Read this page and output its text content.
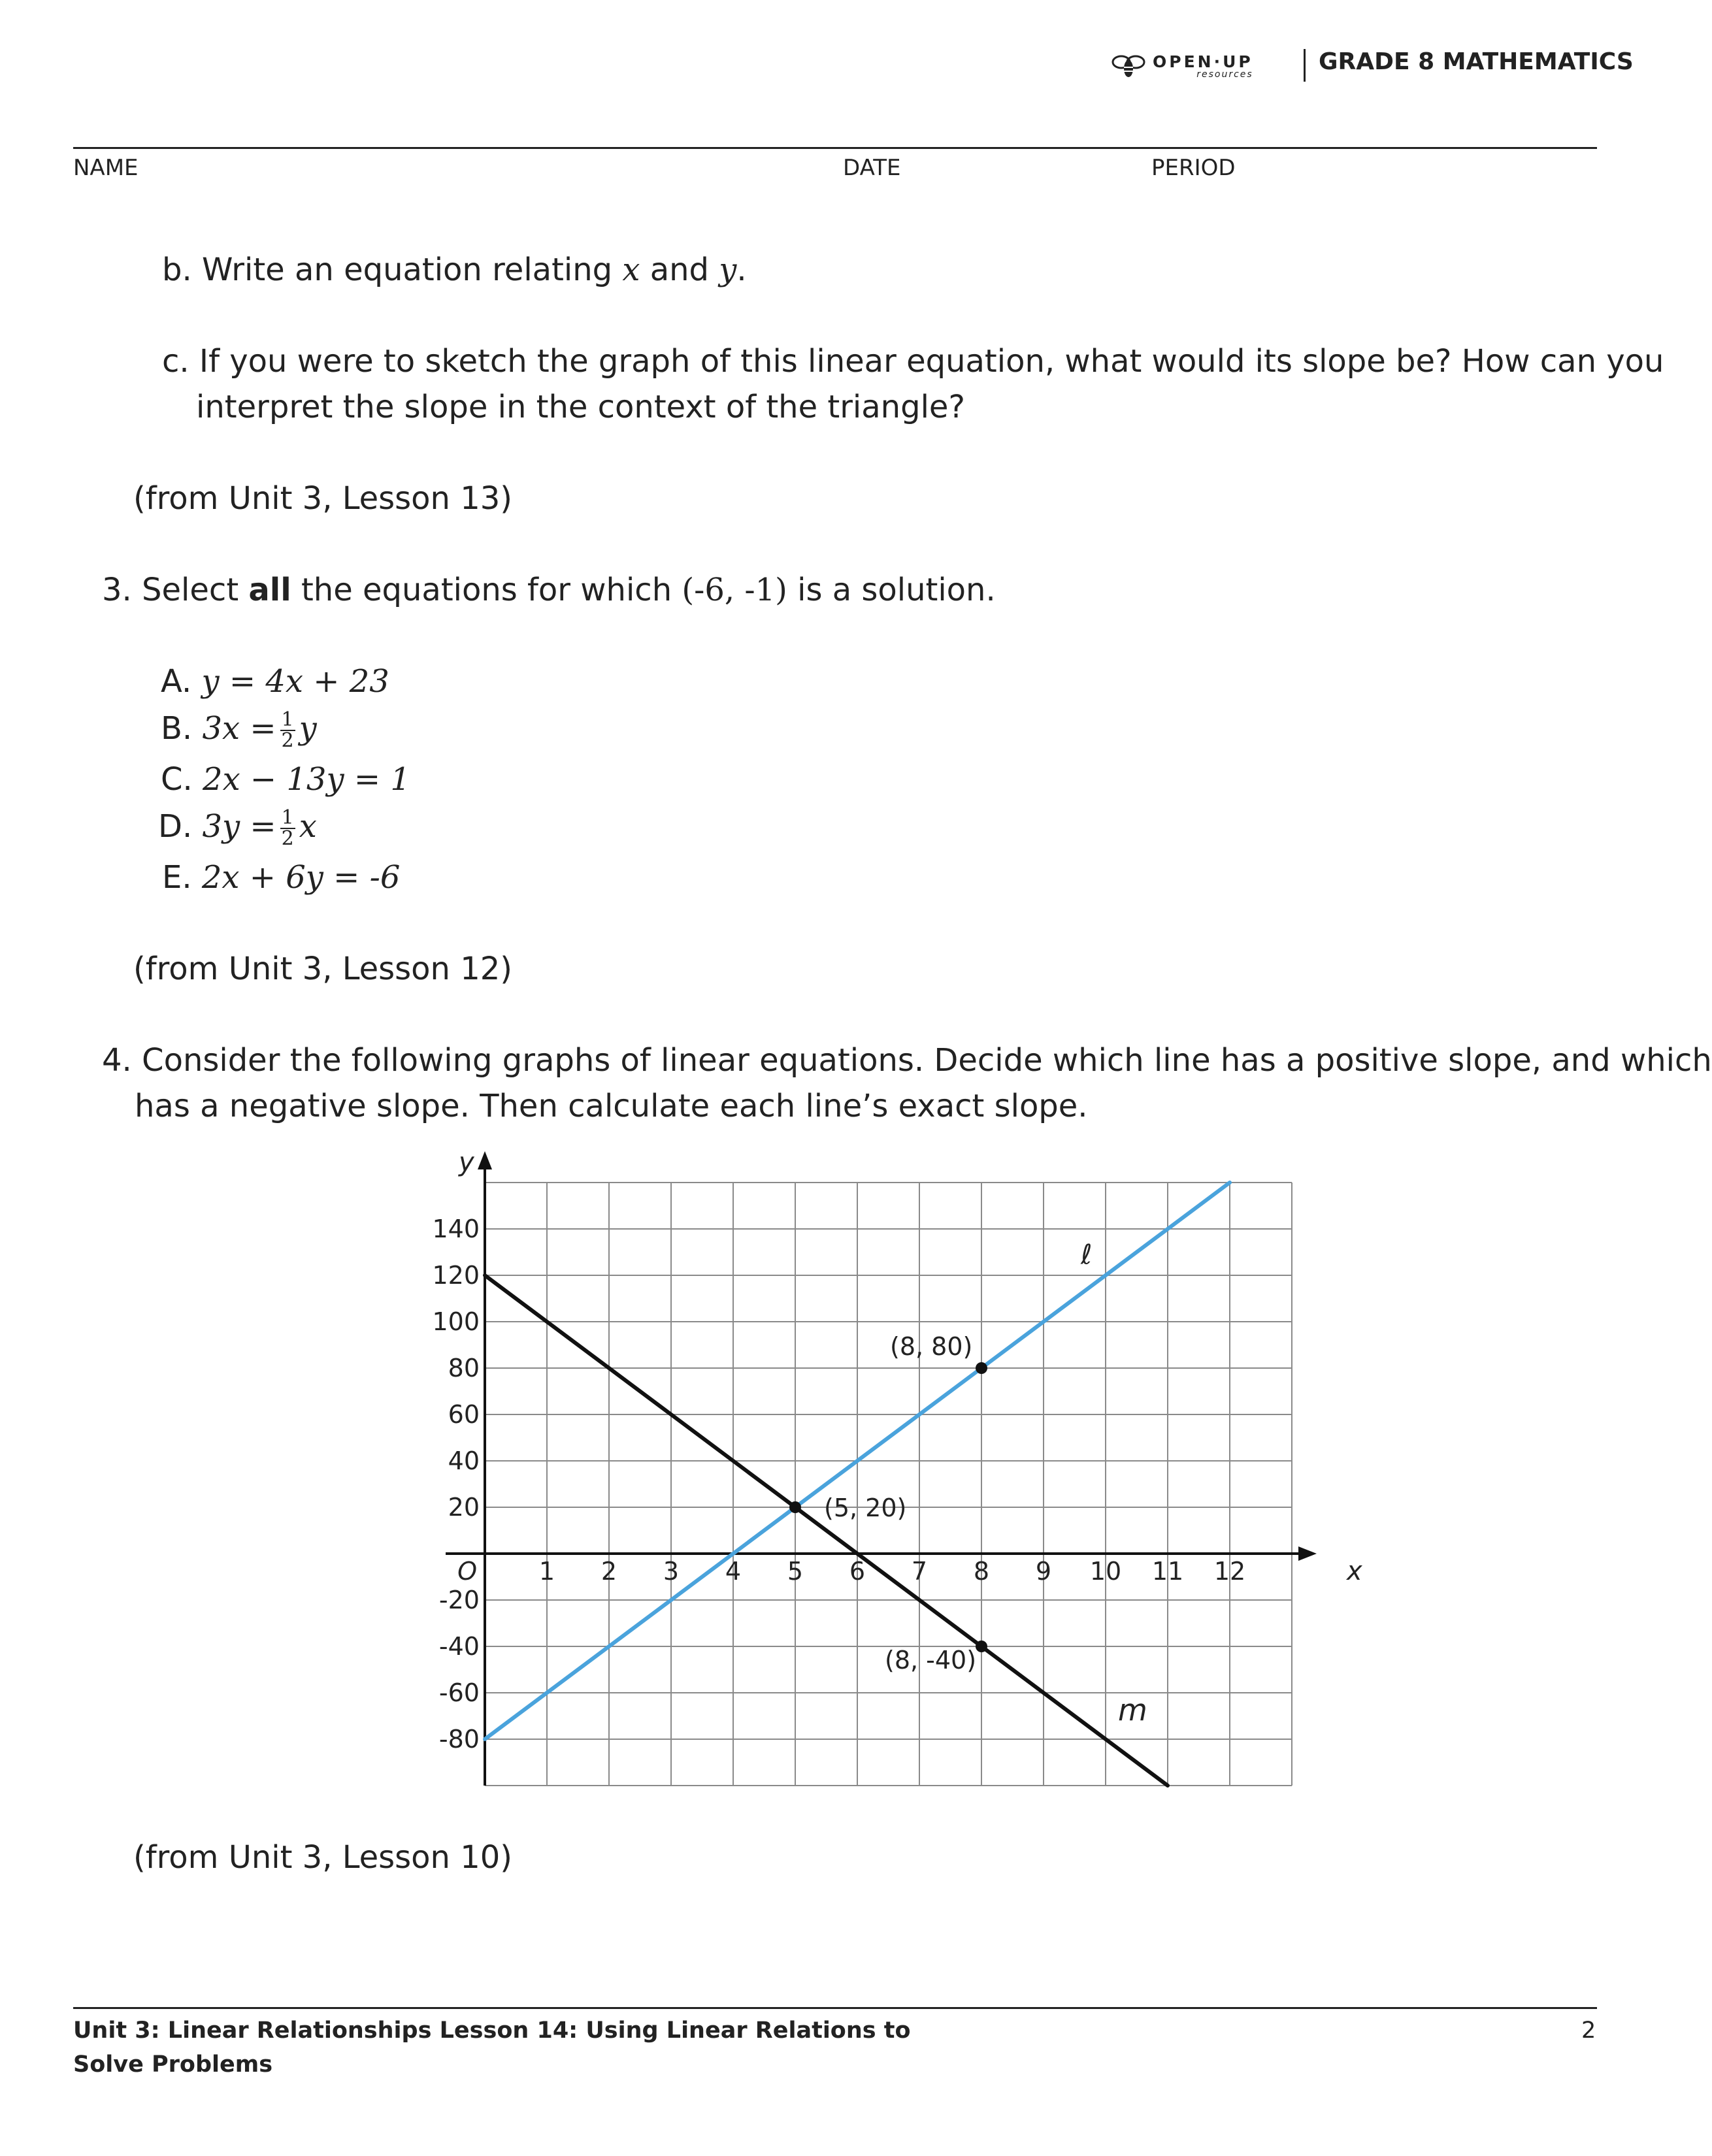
OPEN·UP
resources	GRADE 8 MATHEMATICS
NAME	DATE	PERIOD
b. Write an equation relating x and y.
c. If you were to sketch the graph of this linear equation, what would its slope be? How can you
interpret the slope in the context of the triangle?
(from Unit 3, Lesson 13)
3. Select all the equations for which (-6, -1) is a solution.
A. y = 4x + 23
B. $3x = \frac{1}{2}$ y
C. 2x − 13y = 1
D. $3y = \frac{1}{2}$ x
E. 2x + 6y = -6
(from Unit 3, Lesson 12)
4. Consider the following graphs of linear equations. Decide which line has a positive slope, and which
has a negative slope. Then calculate each line’s exact slope.
1 2 3 4 5 6 7 8 9 10 11 12
140
120
100
80
60
40
20
-20
-40
-60
-80
O	x
y
ℓ
m
(8, 80)
(5, 20)
(8, -40)
(from Unit 3, Lesson 10)
Unit 3: Linear Relationships Lesson 14: Using Linear Relations to Solve Problems
2
